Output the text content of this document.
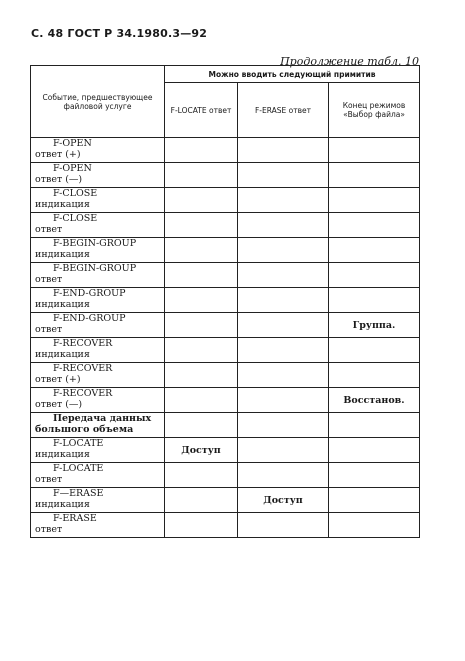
С. 48 ГОСТ Р 34.1980.3—92
Продолжение табл. 10
Событие, предшествующее файловой услуге	Можно вводить следующий примитив		
	F-LOCATE ответ	F-ERASE ответ	Конец режимов «Выбор файла»

F-OPEN
ответ (+)			

F-OPEN
ответ (—)			

F-CLOSE
индикация			

F-CLOSE
ответ			

F-BEGIN-GROUP
индикация			

F-BEGIN-GROUP
ответ			

F-END-GROUP
индикация			

F-END-GROUP
ответ			Группа.

F-RECOVER
индикация			

F-RECOVER
ответ (+)			

F-RECOVER
ответ (—)			Восстанов.

Передача данных
большого объема			

F-LOCATE
индикация	Доступ		

F-LOCATE
ответ			

F—ERASE
индикация		Доступ	

F-ERASE
ответ			
